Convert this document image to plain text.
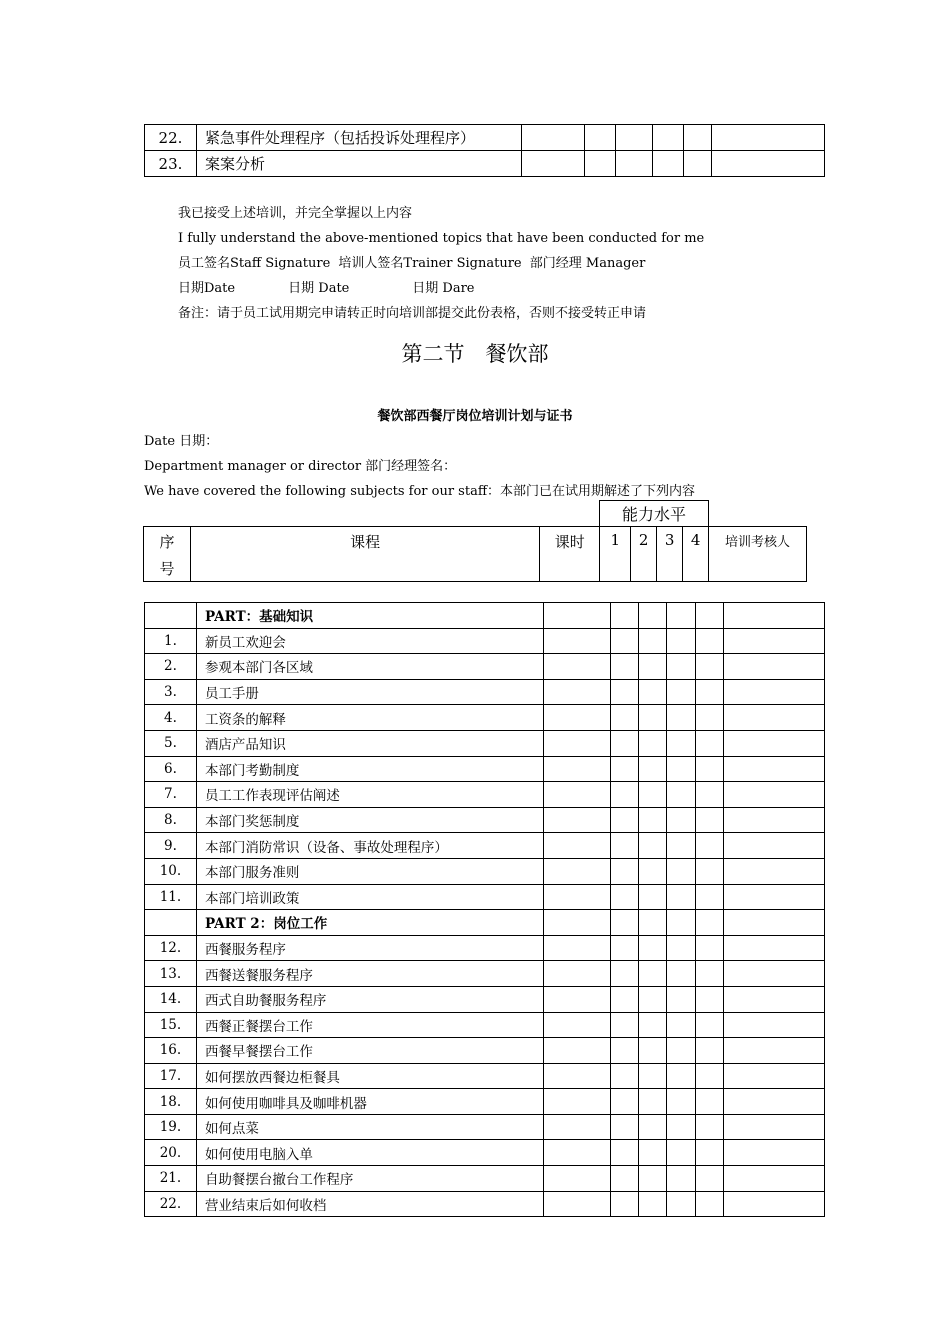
22.	紧急事件处理程序（包括投诉处理程序）						
23.	案案分析						
我已接受上述培训，并完全掌握以上内容
I fully understand the above-mentioned topics that have been conducted for me
员工签名Staff Signature 培训人签名Trainer Signature 部门经理 Manager
日期Date	日期 Date	日期 Dare
备注：请于员工试用期完申请转正时向培训部提交此份表格，否则不接受转正申请
第二节　餐饮部
餐饮部西餐厅岗位培训计划与证书
Date 日期：
Department manager or director 部门经理签名：
We have covered the following subjects for our staff：本部门已在试用期解述了下列内容
能力水平
序
号
	课程	课时	1	2	3	4	培训考核人
	PART：基础知识						
1.	新员工欢迎会						
2.	参观本部门各区域						
3.	员工手册						
4.	工资条的解释						
5.	酒店产品知识						
6.	本部门考勤制度						
7.	员工工作表现评估阐述						
8.	本部门奖惩制度						
9.	本部门消防常识（设备、事故处理程序）						
10.	本部门服务准则						
11.	本部门培训政策						
	PART 2：岗位工作						
12.	西餐服务程序						
13.	西餐送餐服务程序						
14.	西式自助餐服务程序						
15.	西餐正餐摆台工作						
16.	西餐早餐摆台工作						
17.	如何摆放西餐边柜餐具						
18.	如何使用咖啡具及咖啡机器						
19.	如何点菜						
20.	如何使用电脑入单						
21.	自助餐摆台撤台工作程序						
22.	营业结束后如何收档						
